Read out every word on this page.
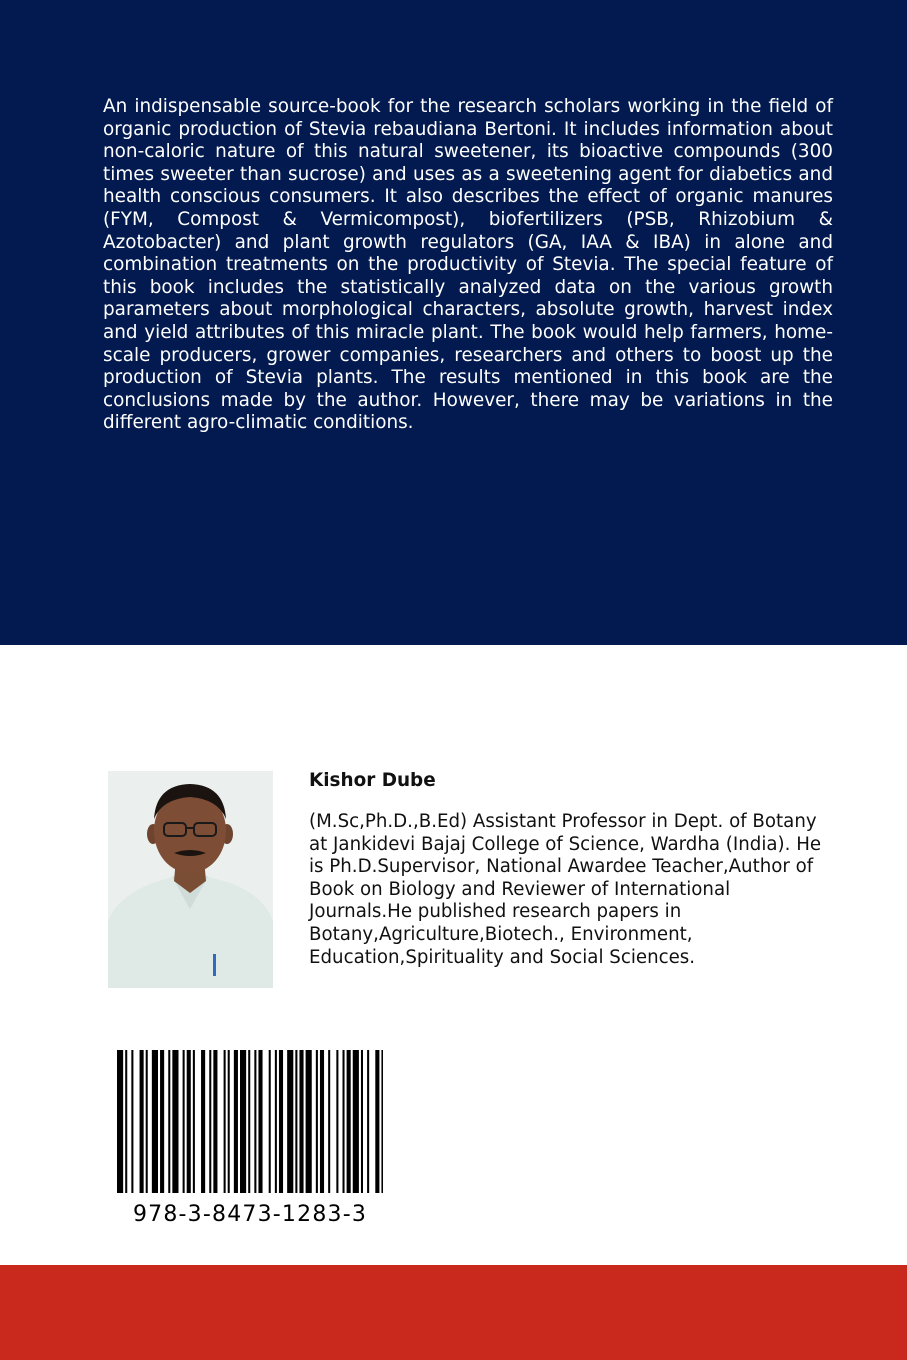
An indispensable source-book for the research scholars working in the field of organic production of Stevia rebaudiana Bertoni. It includes information about non-caloric nature of this natural sweetener, its bioactive compounds (300 times sweeter than sucrose) and uses as a sweetening agent for diabetics and health conscious consumers. It also describes the effect of organic manures (FYM, Compost & Vermicompost), biofertilizers (PSB, Rhizobium & Azotobacter) and plant growth regulators (GA, IAA & IBA) in alone and combination treatments on the productivity of Stevia. The special feature of this book includes the statistically analyzed data on the various growth parameters about morphological characters, absolute growth, harvest index and yield attributes of this miracle plant. The book would help farmers, home-scale producers, grower companies, researchers and others to boost up the production of Stevia plants. The results mentioned in this book are the conclusions made by the author. However, there may be variations in the different agro-climatic conditions.

Kishor Dube

(M.Sc,Ph.D.,B.Ed) Assistant Professor in Dept. of Botany at Jankidevi Bajaj College of Science, Wardha (India). He is Ph.D.Supervisor, National Awardee Teacher,Author of Book on Biology and Reviewer of International Journals.He published research papers in Botany,Agriculture,Biotech., Environment, Education,Spirituality and Social Sciences.

978-3-8473-1283-3
